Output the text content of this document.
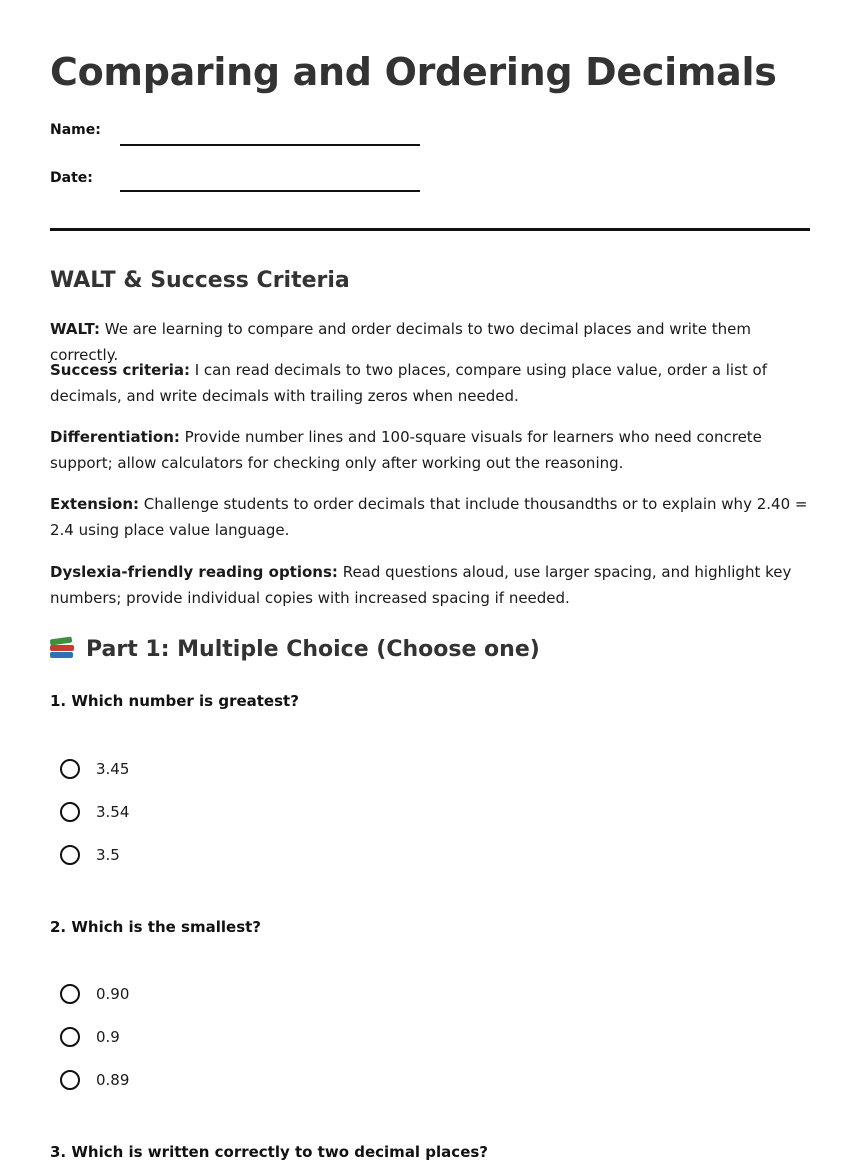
Comparing and Ordering Decimals
Name:
Date:
WALT & Success Criteria

WALT: We are learning to compare and order decimals to two decimal places and write them correctly.

Success criteria: I can read decimals to two places, compare using place value, order a list of decimals, and write decimals with trailing zeros when needed.

Differentiation: Provide number lines and 100-square visuals for learners who need concrete support; allow calculators for checking only after working out the reasoning.

Extension: Challenge students to order decimals that include thousandths or to explain why 2.40 = 2.4 using place value language.

Dyslexia-friendly reading options: Read questions aloud, use larger spacing, and highlight key numbers; provide individual copies with increased spacing if needed.

Part 1: Multiple Choice (Choose one)
1. Which number is greatest?
3.45
3.54
3.5
2. Which is the smallest?
0.90
0.9
0.89
3. Which is written correctly to two decimal places?
